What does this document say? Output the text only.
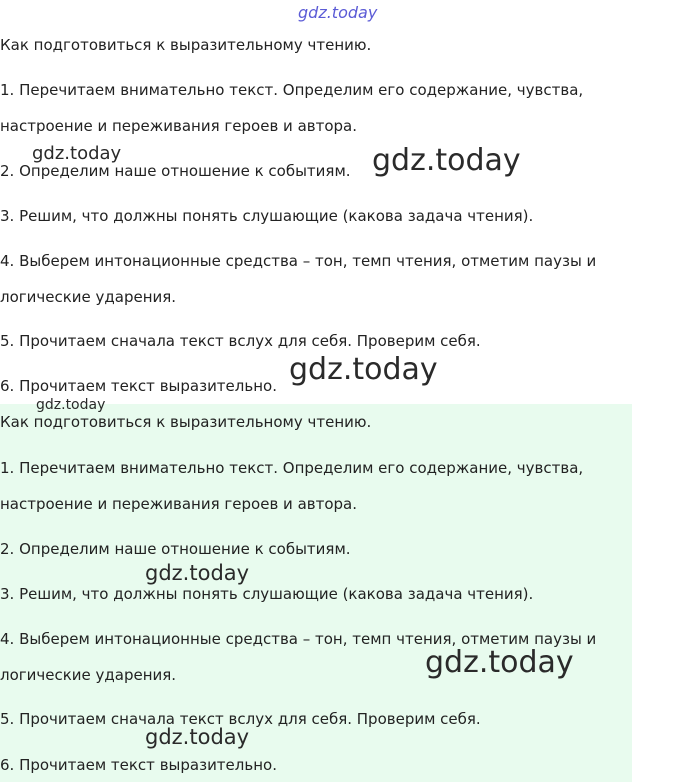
gdz.today
Как подготовиться к выразительному чтению.
1. Перечитаем внимательно текст. Определим его содержание, чувства,
настроение и переживания героев и автора.
2. Определим наше отношение к событиям.
3. Решим, что должны понять слушающие (какова задача чтения).
4. Выберем интонационные средства – тон, темп чтения, отметим паузы и
логические ударения.
5. Прочитаем сначала текст вслух для себя. Проверим себя.
6. Прочитаем текст выразительно.
Как подготовиться к выразительному чтению.
1. Перечитаем внимательно текст. Определим его содержание, чувства,
настроение и переживания героев и автора.
2. Определим наше отношение к событиям.
3. Решим, что должны понять слушающие (какова задача чтения).
4. Выберем интонационные средства – тон, темп чтения, отметим паузы и
логические ударения.
5. Прочитаем сначала текст вслух для себя. Проверим себя.
6. Прочитаем текст выразительно.
gdz.today	gdz.today
gdz.today
gdz.today
gdz.today
gdz.today
gdz.today
